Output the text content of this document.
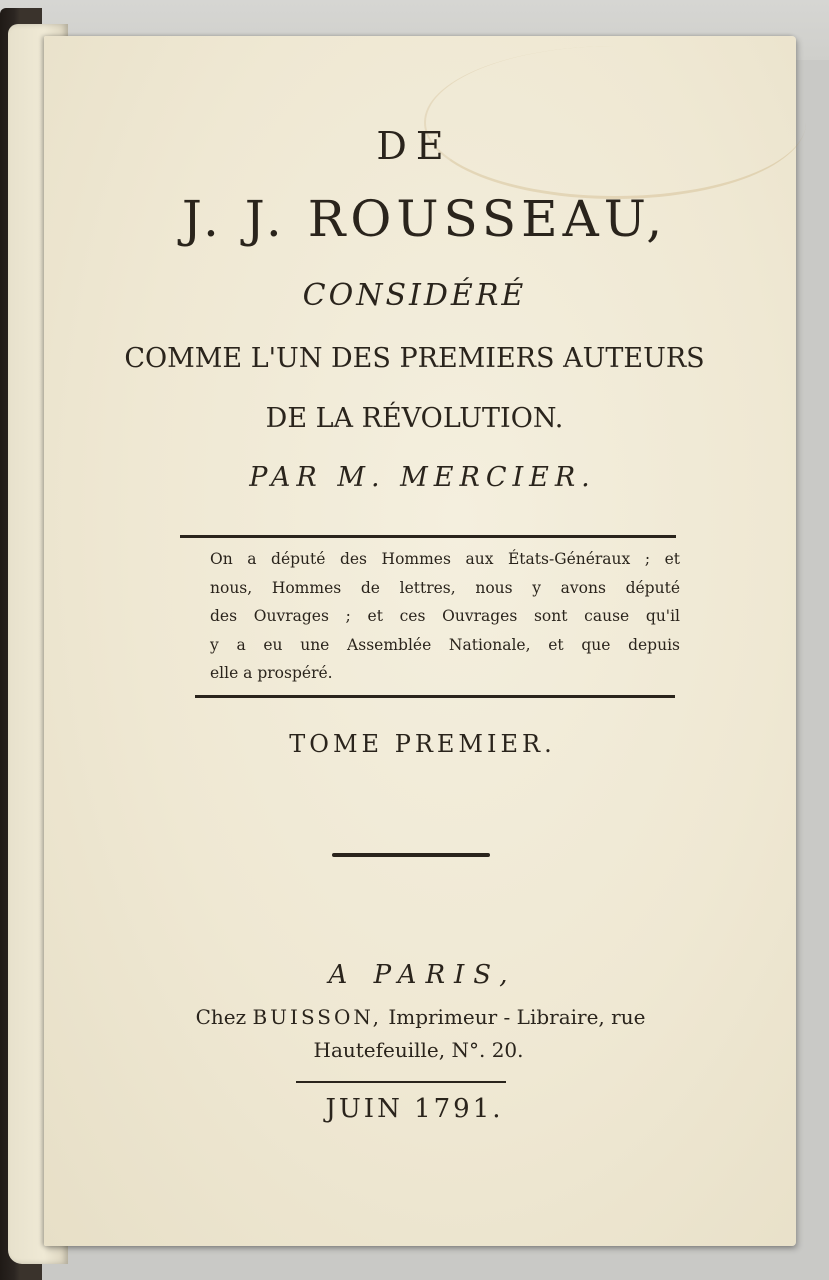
DE
J. J. ROUSSEAU,
CONSIDÉRÉ
COMME L'UN DES PREMIERS AUTEURS
DE LA RÉVOLUTION.
PAR M. MERCIER.
On a député des Hommes aux États-Généraux ; et
nous, Hommes de lettres, nous y avons député
des Ouvrages ; et ces Ouvrages sont cause qu'il
y a eu une Assemblée Nationale, et que depuis
elle a prospéré.
TOME PREMIER.
A PARIS,
Chez BUISSON, Imprimeur - Libraire, rue
Hautefeuille, N°. 20.
JUIN 1791.
